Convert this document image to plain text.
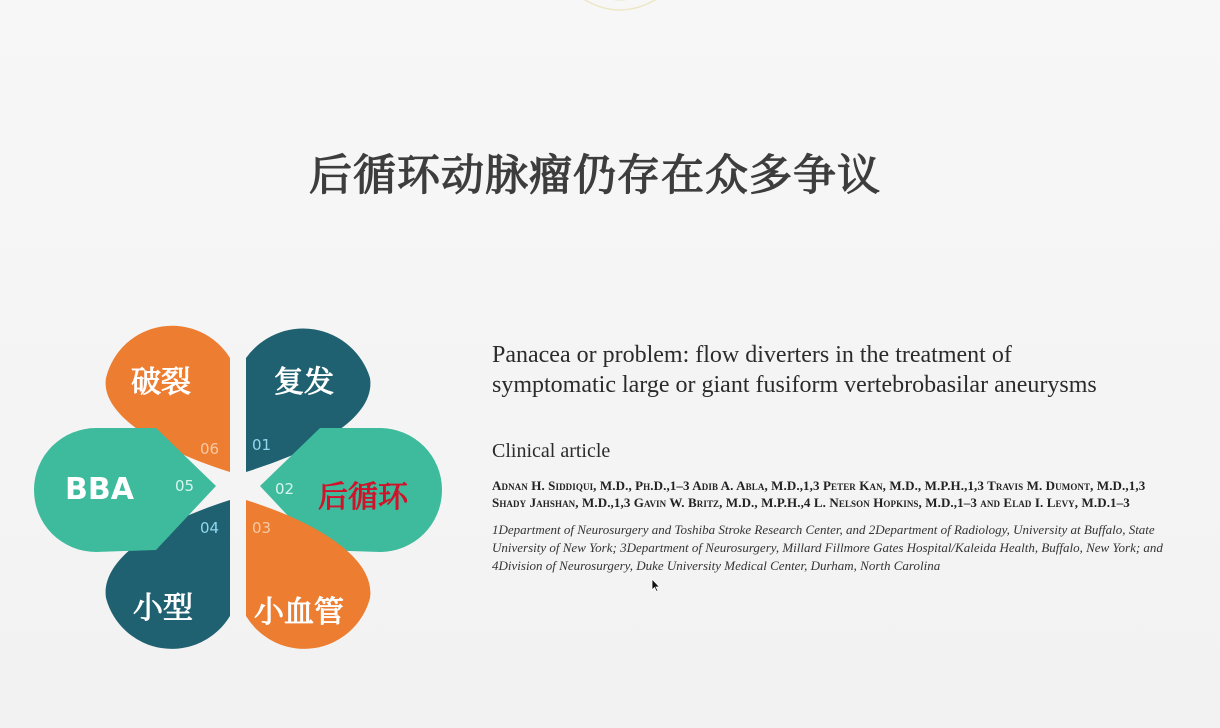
后循环动脉瘤仍存在众多争议
破裂
06
复发
01
后循环
02
小血管
03
小型
04
BBA	05
Panacea or problem: flow diverters in the treatment of symptomatic large or giant fusiform vertebrobasilar aneurysms
Clinical article
Adnan H. Siddiqui, M.D., Ph.D.,1–3 Adib A. Abla, M.D.,1,3 Peter Kan, M.D., M.P.H.,1,3 Travis M. Dumont, M.D.,1,3 Shady Jahshan, M.D.,1,3 Gavin W. Britz, M.D., M.P.H.,4 L. Nelson Hopkins, M.D.,1–3 and Elad I. Levy, M.D.1–3
1Department of Neurosurgery and Toshiba Stroke Research Center, and 2Department of Radiology, University at Buffalo, State University of New York; 3Department of Neurosurgery, Millard Fillmore Gates Hospital/Kaleida Health, Buffalo, New York; and 4Division of Neurosurgery, Duke University Medical Center, Durham, North Carolina
